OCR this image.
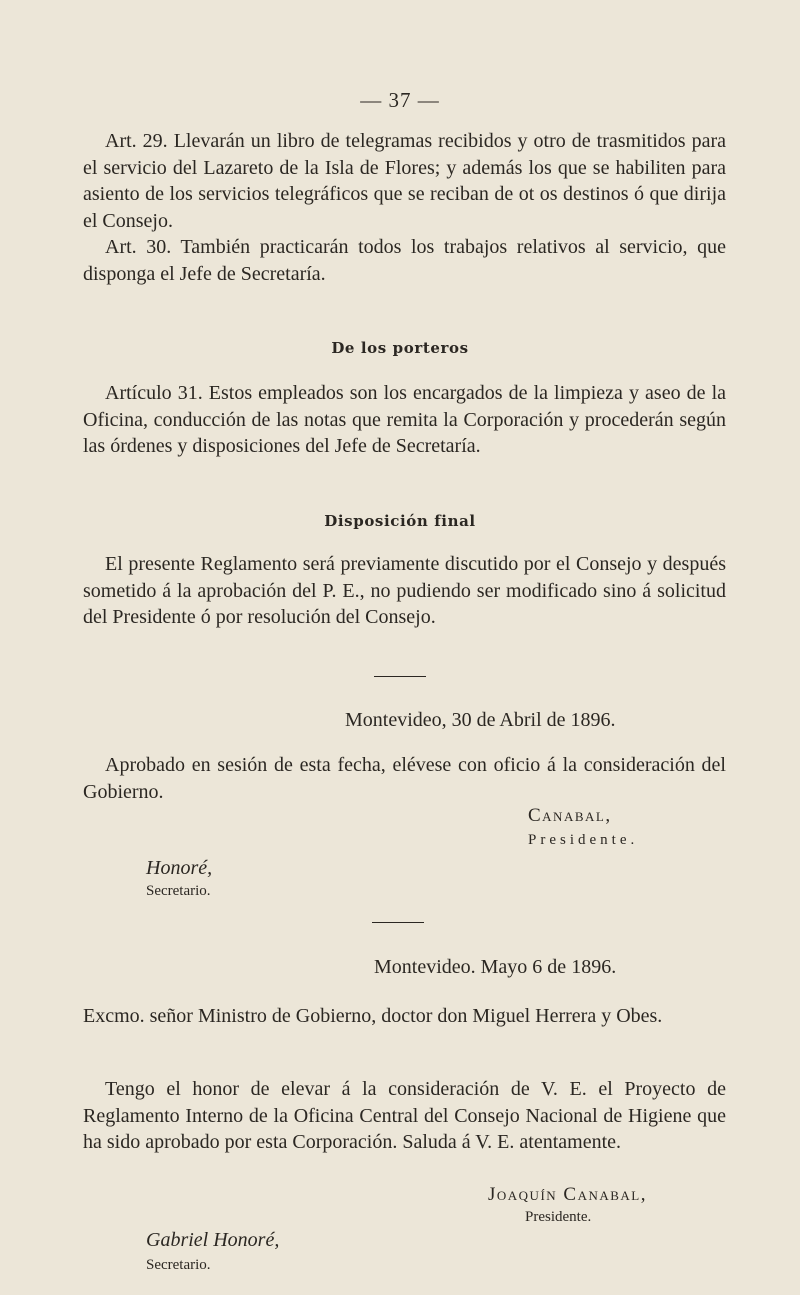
— 37 —

Art. 29. Llevarán un libro de telegramas recibidos y otro de trasmitidos para el servicio del Lazareto de la Isla de Flores; y además los que se habiliten para asiento de los servicios telegráficos que se reciban de ot os destinos ó que dirija el Consejo.

Art. 30. También practicarán todos los trabajos relativos al servicio, que disponga el Jefe de Secretaría.

De los porteros

Artículo 31. Estos empleados son los encargados de la limpieza y aseo de la Oficina, conducción de las notas que remita la Corporación y procederán según las órdenes y disposiciones del Jefe de Secretaría.

Disposición final

El presente Reglamento será previamente discutido por el Consejo y después sometido á la aprobación del P. E., no pudiendo ser modificado sino á solicitud del Presidente ó por resolución del Consejo.

Montevideo, 30 de Abril de 1896.

Aprobado en sesión de esta fecha, elévese con oficio á la consideración del Gobierno.

Canabal,
Presidente.
Honoré,
Secretario.
Montevideo. Mayo 6 de 1896.

Excmo. señor Ministro de Gobierno, doctor don Miguel Herrera y Obes.

Tengo el honor de elevar á la consideración de V. E. el Proyecto de Reglamento Interno de la Oficina Central del Consejo Nacional de Higiene que ha sido aprobado por esta Corporación. Saluda á V. E. atentamente.

Joaquín Canabal,
Presidente.
Gabriel Honoré,
Secretario.
